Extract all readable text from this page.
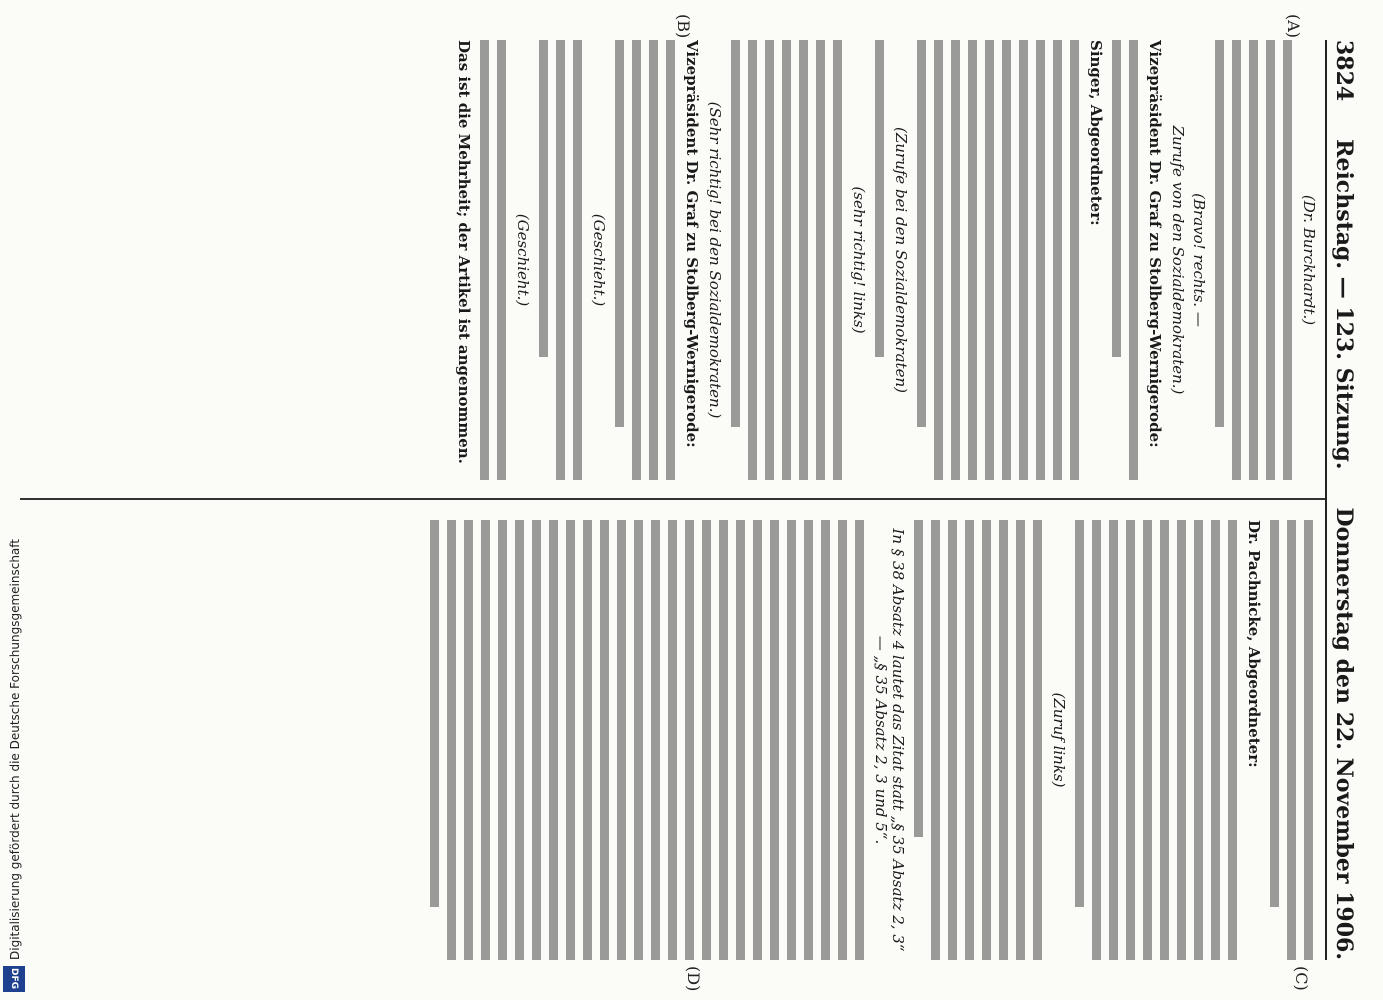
3824
Reichstag. — 123. Sitzung.
Donnerstag den 22. November 1906.
(A)
(B)
(C)
(D)
(Dr. Burckhardt.)
(Bravo! rechts. —
Zurufe von den Sozialdemokraten.)
Vizepräsident Dr. Graf zu Stolberg-Wernigerode:
Singer, Abgeordneter:
(Zurufe bei den Sozialdemokraten)
(sehr richtig! links)
(Sehr richtig! bei den Sozialdemokraten.)
Vizepräsident Dr. Graf zu Stolberg-Wernigerode:
(Geschieht.)
(Geschieht.)
Das ist die Mehrheit; der Artikel ist angenommen.
Dr. Pachnicke, Abgeordneter:
(Zuruf links)
In § 38 Absatz 4 lautet das Zitat statt „§ 35 Absatz 2, 3“ — „§ 35 Absatz 2, 3 und 5“.
Digitalisierung gefördert durch die Deutsche Forschungsgemeinschaft
DFG
